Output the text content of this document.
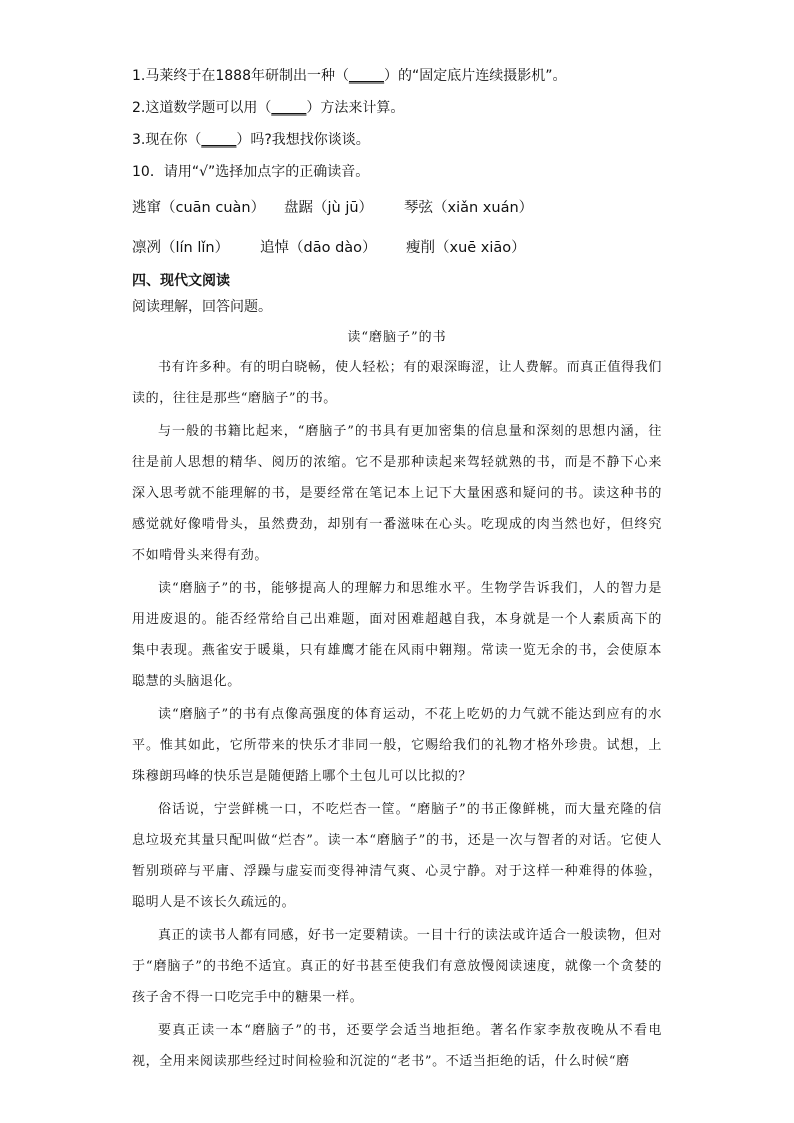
1.马莱终于在1888年研制出一种（_____）的“固定底片连续摄影机”。
2.这道数学题可以用（_____）方法来计算。
3.现在你（_____）吗?我想找你谈谈。
10．请用“√”选择加点字的正确读音。
逃窜（cuān cuàn） 盘踞（jù jū） 琴弦（xiǎn xuán）
凛冽（lín lǐn） 追悼（dāo dào） 瘦削（xuē xiāo）
四、现代文阅读
阅读理解，回答问题。
读“磨脑子”的书

书有许多种。有的明白晓畅，使人轻松；有的艰深晦涩，让人费解。而真正值得我们读的，往往是那些“磨脑子”的书。

与一般的书籍比起来，“磨脑子”的书具有更加密集的信息量和深刻的思想内涵，往往是前人思想的精华、阅历的浓缩。它不是那种读起来驾轻就熟的书，而是不静下心来深入思考就不能理解的书，是要经常在笔记本上记下大量困惑和疑问的书。读这种书的感觉就好像啃骨头，虽然费劲，却别有一番滋味在心头。吃现成的肉当然也好，但终究不如啃骨头来得有劲。

读“磨脑子”的书，能够提高人的理解力和思维水平。生物学告诉我们，人的智力是用进废退的。能否经常给自己出难题，面对困难超越自我，本身就是一个人素质高下的集中表现。燕雀安于暖巢，只有雄鹰才能在风雨中翱翔。常读一览无余的书，会使原本聪慧的头脑退化。

读“磨脑子”的书有点像高强度的体育运动，不花上吃奶的力气就不能达到应有的水平。惟其如此，它所带来的快乐才非同一般，它赐给我们的礼物才格外珍贵。试想，上珠穆朗玛峰的快乐岂是随便踏上哪个土包儿可以比拟的？

俗话说，宁尝鲜桃一口，不吃烂杏一筐。“磨脑子”的书正像鲜桃，而大量充隆的信息垃圾充其量只配叫做“烂杏”。读一本“磨脑子”的书，还是一次与智者的对话。它使人暂别琐碎与平庸、浮躁与虚妄而变得神清气爽、心灵宁静。对于这样一种难得的体验，聪明人是不该长久疏远的。

真正的读书人都有同感，好书一定要精读。一目十行的读法或许适合一般读物，但对于“磨脑子”的书绝不适宜。真正的好书甚至使我们有意放慢阅读速度，就像一个贪婪的孩子舍不得一口吃完手中的糖果一样。

要真正读一本“磨脑子”的书，还要学会适当地拒绝。著名作家李敖夜晚从不看电视，全用来阅读那些经过时间检验和沉淀的“老书”。不适当拒绝的话，什么时候“磨
